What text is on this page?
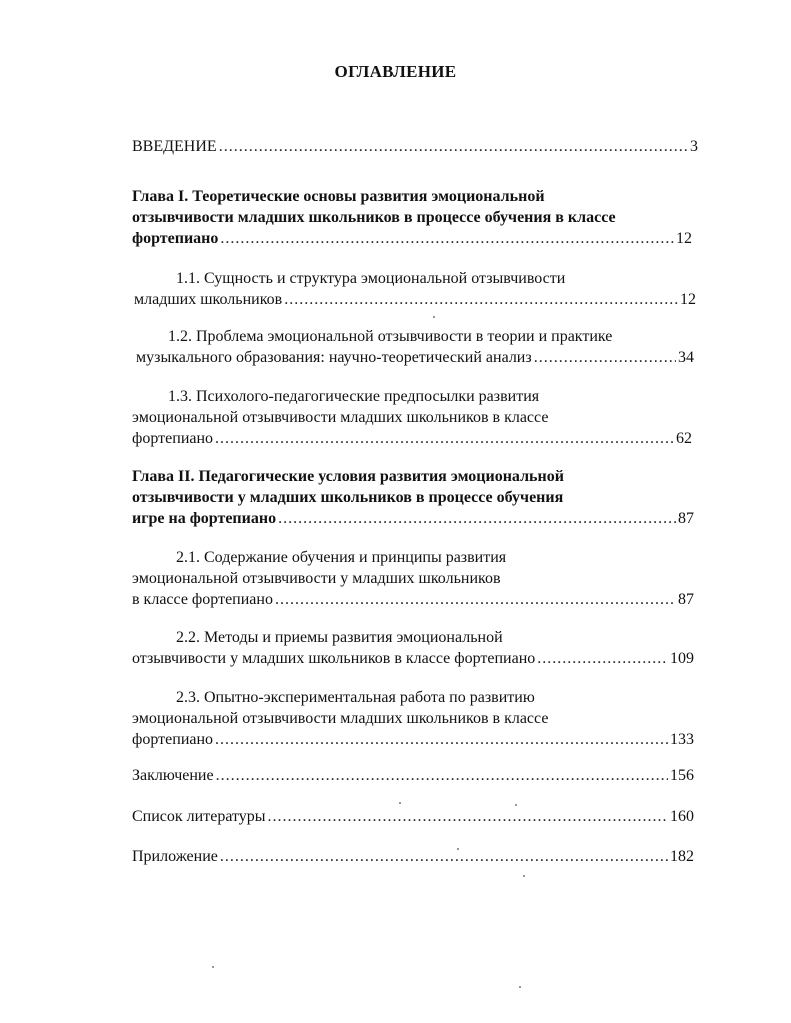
ОГЛАВЛЕНИЕ
ВВЕДЕНИЕ .....	3
Глава I. Теоретические основы развития эмоциональной
отзывчивости младших школьников в процессе обучения в классе
фортепиано .....	12
1.1. Сущность и структура эмоциональной отзывчивости
младших школьников .....	12
1.2. Проблема эмоциональной отзывчивости в теории и практике
музыкального образования: научно-теоретический анализ .....	34
1.3. Психолого-педагогические предпосылки развития
эмоциональной отзывчивости младших школьников в классе
фортепиано .....	62
Глава II. Педагогические условия развития эмоциональной
отзывчивости у младших школьников в процессе обучения
игре на фортепиано .....	87
2.1. Содержание обучения и принципы развития
эмоциональной отзывчивости у младших школьников
в классе фортепиано .....	87
2.2. Методы и приемы развития эмоциональной
отзывчивости у младших школьников в классе фортепиано .....	109
2.3. Опытно-экспериментальная работа по развитию
эмоциональной отзывчивости младших школьников в классе
фортепиано .....	133
Заключение .....	156
Список литературы .....	160
Приложение .....	182
